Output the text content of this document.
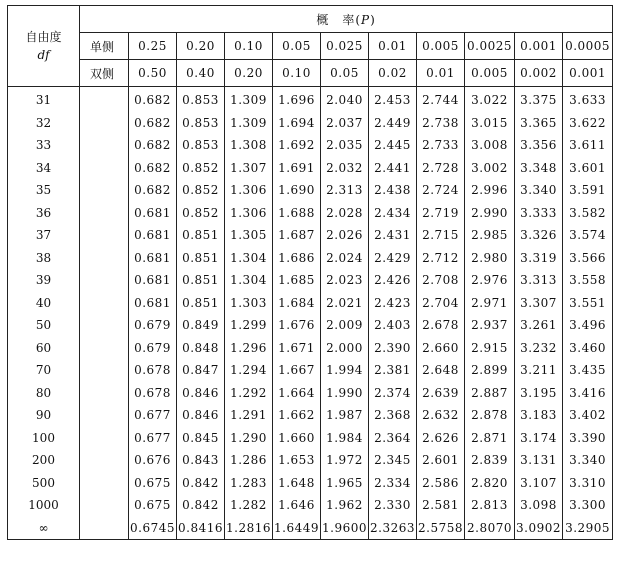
自由度
df	概　率(P)										
	单侧	0.25	0.20	0.10	0.05	0.025	0.01	0.005	0.0025	0.001	0.0005
	双侧	0.50	0.40	0.20	0.10	0.05	0.02	0.01	0.005	0.002	0.001
31		0.682	0.853	1.309	1.696	2.040	2.453	2.744	3.022	3.375	3.633
32		0.682	0.853	1.309	1.694	2.037	2.449	2.738	3.015	3.365	3.622
33		0.682	0.853	1.308	1.692	2.035	2.445	2.733	3.008	3.356	3.611
34		0.682	0.852	1.307	1.691	2.032	2.441	2.728	3.002	3.348	3.601
35		0.682	0.852	1.306	1.690	2.313	2.438	2.724	2.996	3.340	3.591
36		0.681	0.852	1.306	1.688	2.028	2.434	2.719	2.990	3.333	3.582
37		0.681	0.851	1.305	1.687	2.026	2.431	2.715	2.985	3.326	3.574
38		0.681	0.851	1.304	1.686	2.024	2.429	2.712	2.980	3.319	3.566
39		0.681	0.851	1.304	1.685	2.023	2.426	2.708	2.976	3.313	3.558
40		0.681	0.851	1.303	1.684	2.021	2.423	2.704	2.971	3.307	3.551
50		0.679	0.849	1.299	1.676	2.009	2.403	2.678	2.937	3.261	3.496
60		0.679	0.848	1.296	1.671	2.000	2.390	2.660	2.915	3.232	3.460
70		0.678	0.847	1.294	1.667	1.994	2.381	2.648	2.899	3.211	3.435
80		0.678	0.846	1.292	1.664	1.990	2.374	2.639	2.887	3.195	3.416
90		0.677	0.846	1.291	1.662	1.987	2.368	2.632	2.878	3.183	3.402
100		0.677	0.845	1.290	1.660	1.984	2.364	2.626	2.871	3.174	3.390
200		0.676	0.843	1.286	1.653	1.972	2.345	2.601	2.839	3.131	3.340
500		0.675	0.842	1.283	1.648	1.965	2.334	2.586	2.820	3.107	3.310
1000		0.675	0.842	1.282	1.646	1.962	2.330	2.581	2.813	3.098	3.300
∞		0.6745	0.8416	1.2816	1.6449	1.9600	2.3263	2.5758	2.8070	3.0902	3.2905
